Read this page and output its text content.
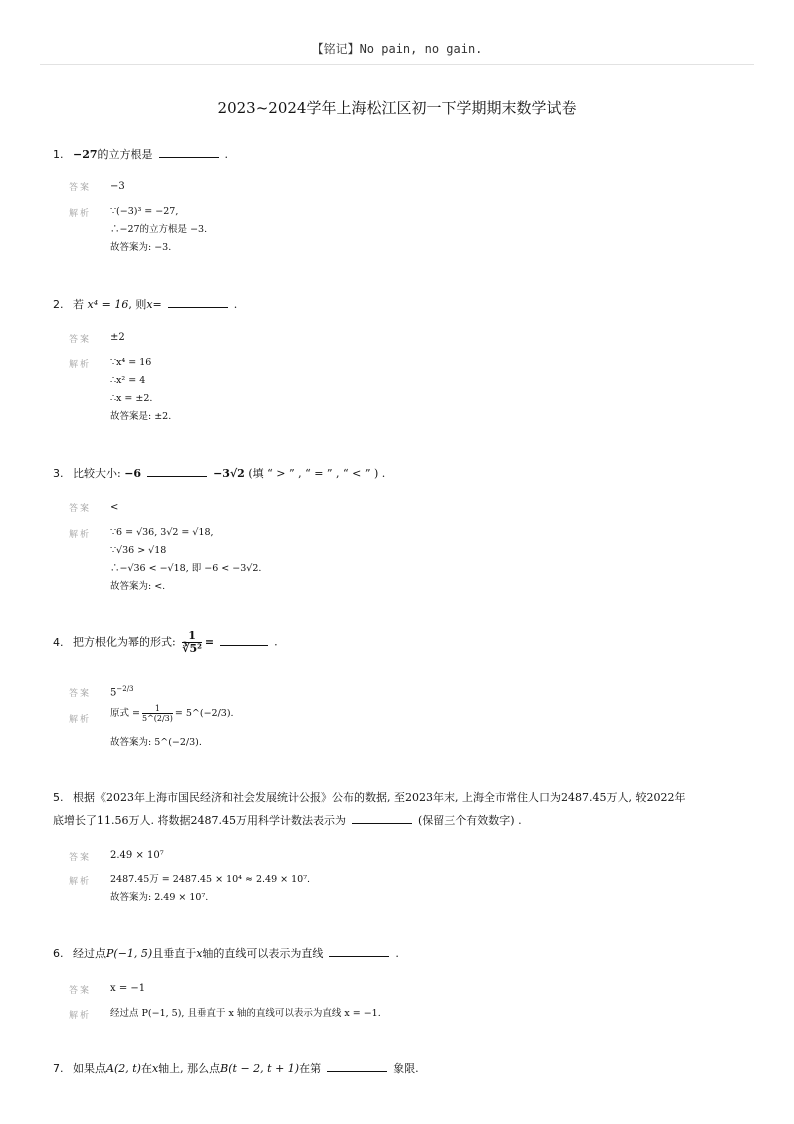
【铭记】No pain, no gain.
2023~2024学年上海松江区初一下学期期末数学试卷
1. −27的立方根是	.
答案 −3
解析 ∵(−3)³ = −27,
∴−27的立方根是 −3.
故答案为: −3.
2. 若 x⁴ = 16, 则x=	.
答案 ±2
解析 ∵x⁴ = 16
∴x² = 4
∴x = ±2.
故答案是: ±2.
3. 比较大小: −6	−3√2 (填 “ > ” , “ = ” , “ < ” ) .
答案 <
解析 ∵6 = √36, 3√2 = √18,
∵√36 > √18
∴−√36 < −√18, 即 −6 < −3√2.
故答案为: <.
4. 把方根化为幂的形式: $\frac{1}{\text{∛5²}}$ =	.
答案 $5^{-2/3}$
解析
原式 = $\frac{1}{5\^{}(2/3)}$ = 5^(−2/3).
故答案为: 5^(−2/3).
5. 根据《2023年上海市国民经济和社会发展统计公报》公布的数据, 至2023年末, 上海全市常住人口为2487.45万人, 较2022年
底增长了11.56万人. 将数据2487.45万用科学计数法表示为	(保留三个有效数字) .
答案 2.49 × 10⁷
解析 2487.45万 = 2487.45 × 10⁴ ≈ 2.49 × 10⁷.
故答案为: 2.49 × 10⁷.
6. 经过点P(−1, 5)且垂直于x轴的直线可以表示为直线	.
答案 x = −1
解析 经过点 P(−1, 5), 且垂直于 x 轴的直线可以表示为直线 x = −1.
7. 如果点A(2, t)在x轴上, 那么点B(t − 2, t + 1)在第	象限.
